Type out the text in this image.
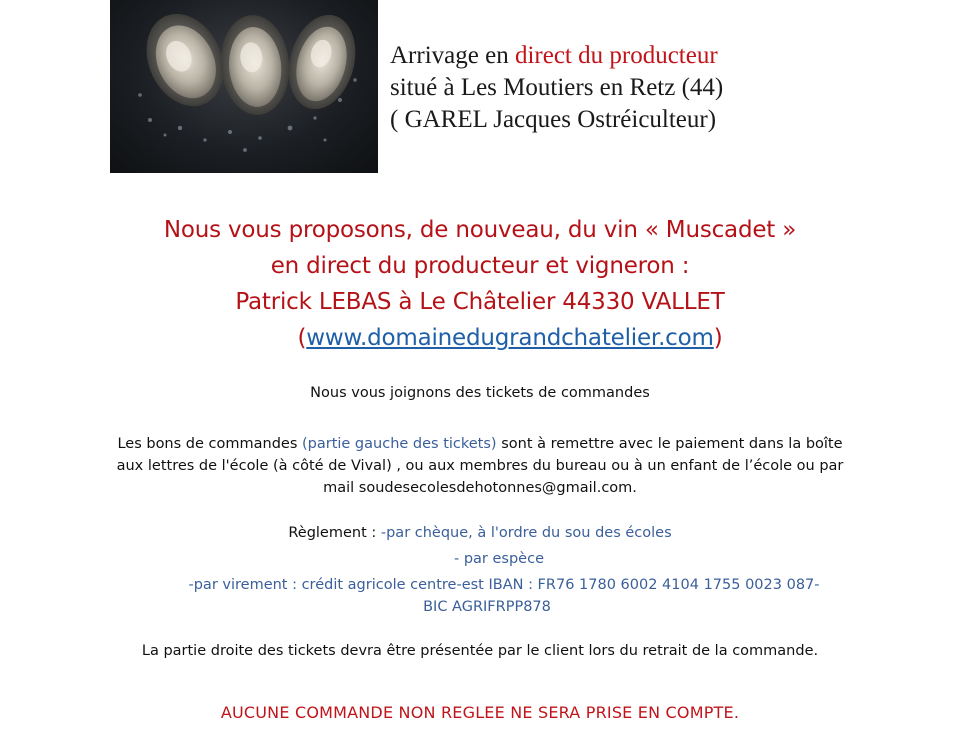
Arrivage en direct du producteur
situé à Les Moutiers en Retz (44)
( GAREL Jacques Ostréiculteur)
Nous vous proposons, de nouveau, du vin « Muscadet »
en direct du producteur et vigneron :
Patrick LEBAS à Le Châtelier 44330 VALLET
(www.domainedugrandchatelier.com)
Nous vous joignons des tickets de commandes
Les bons de commandes (partie gauche des tickets) sont à remettre avec le paiement dans la boîte
aux lettres de l'école (à côté de Vival) , ou aux membres du bureau ou à un enfant de l’école ou par
mail soudesecolesdehotonnes@gmail.com.
Règlement : -par chèque, à l'ordre du sou des écoles
- par espèce
-par virement : crédit agricole centre-est IBAN : FR76 1780 6002 4104 1755 0023 087-
BIC AGRIFRPP878
La partie droite des tickets devra être présentée par le client lors du retrait de la commande.
AUCUNE COMMANDE NON REGLEE NE SERA PRISE EN COMPTE.
